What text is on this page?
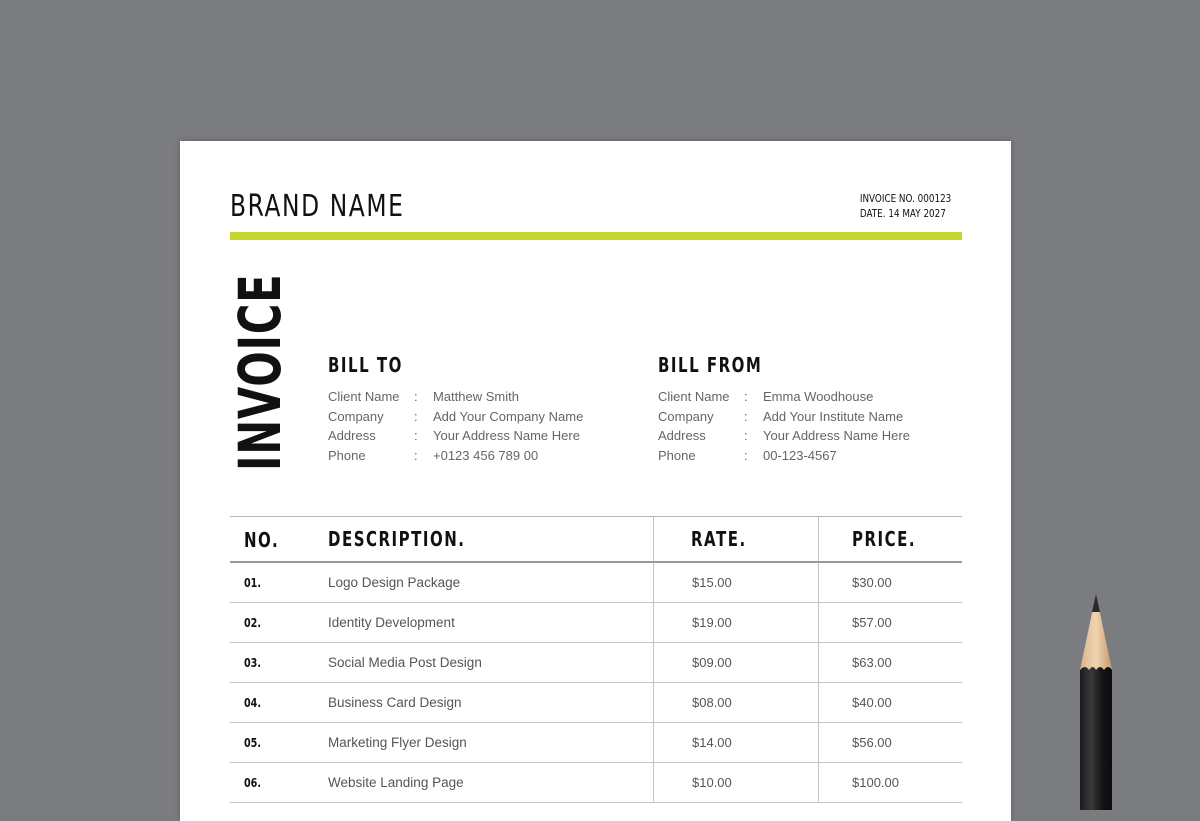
BRAND NAME	INVOICE NO. 000123
DATE. 14 MAY 2027
INVOICE BILL TO
Client Name	:	Matthew Smith
Company	:	Add Your Company Name
Address	:	Your Address Name Here
Phone	:	+0123 456 789 00
BILL FROM
Client Name	:	Emma Woodhouse
Company	:	Add Your Institute Name
Address	:	Your Address Name Here
Phone	:	00-123-4567
NO.	DESCRIPTION.	RATE.	PRICE.
01.	Logo Design Package	$15.00	$30.00
02.	Identity Development	$19.00	$57.00
03.	Social Media Post Design	$09.00	$63.00
04.	Business Card Design	$08.00	$40.00
05.	Marketing Flyer Design	$14.00	$56.00
06.	Website Landing Page	$10.00	$100.00
